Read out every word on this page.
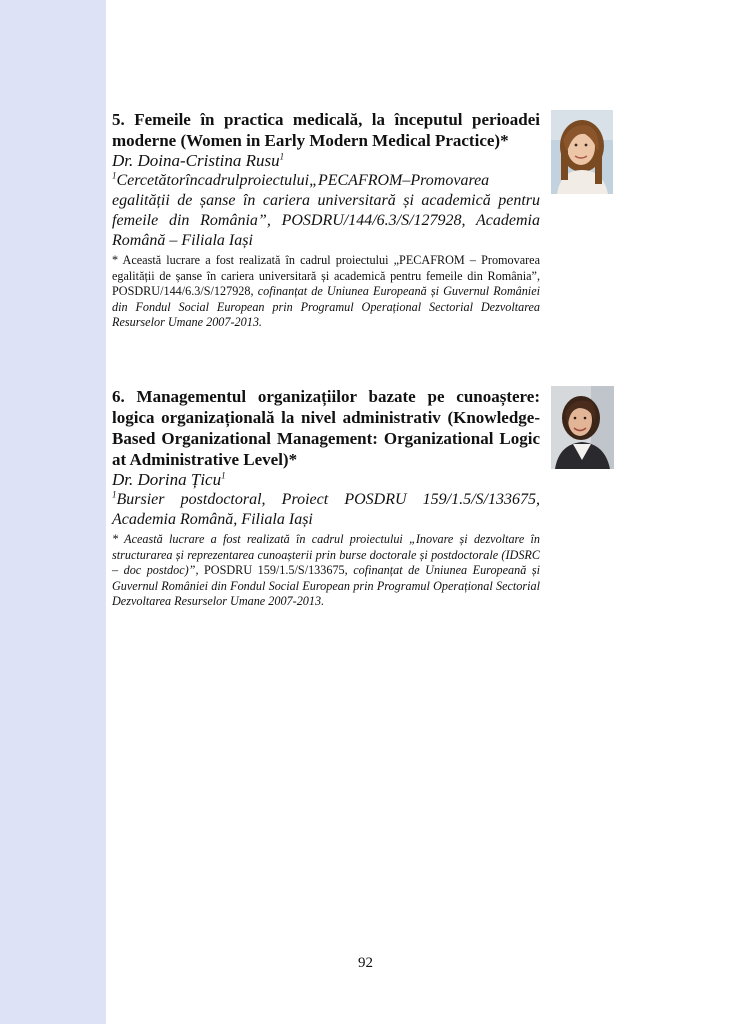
5. Femeile în practica medicală, la începutul perioadei moderne (Women in Early Modern Medical Practice)*

Dr. Doina-Cristina Rusu$^1$

$^1$Cercetătorîncadrulproiectului„PECAFROM–Promovarea egalității de șanse în cariera universitară și academică pentru femeile din România”, POSDRU/144/6.3/S/127928, Academia Română – Filiala Iași

* Această lucrare a fost realizată în cadrul proiectului „PECAFROM – Promovarea egalității de șanse în cariera universitară și academică pentru femeile din România”, POSDRU/144/6.3/S/127928, cofinanțat de Uniunea Europeană și Guvernul României din Fondul Social European prin Programul Operațional Sectorial Dezvoltarea Resurselor Umane 2007-2013.

6. Managementul organizațiilor bazate pe cunoaștere: logica organizațională la nivel administrativ (Knowledge-Based Organizational Management: Organizational Logic at Administrative Level)*

Dr. Dorina Țicu$^1$

$^1$Bursier postdoctoral, Proiect POSDRU 159/1.5/S/133675, Academia Română, Filiala Iași

* Această lucrare a fost realizată în cadrul proiectului „Inovare și dezvoltare în structurarea și reprezentarea cunoașterii prin burse doctorale și postdoctorale (IDSRC – doc postdoc)”, POSDRU 159/1.5/S/133675, cofinanțat de Uniunea Europeană și Guvernul României din Fondul Social European prin Programul Operațional Sectorial Dezvoltarea Resurselor Umane 2007-2013.

92
